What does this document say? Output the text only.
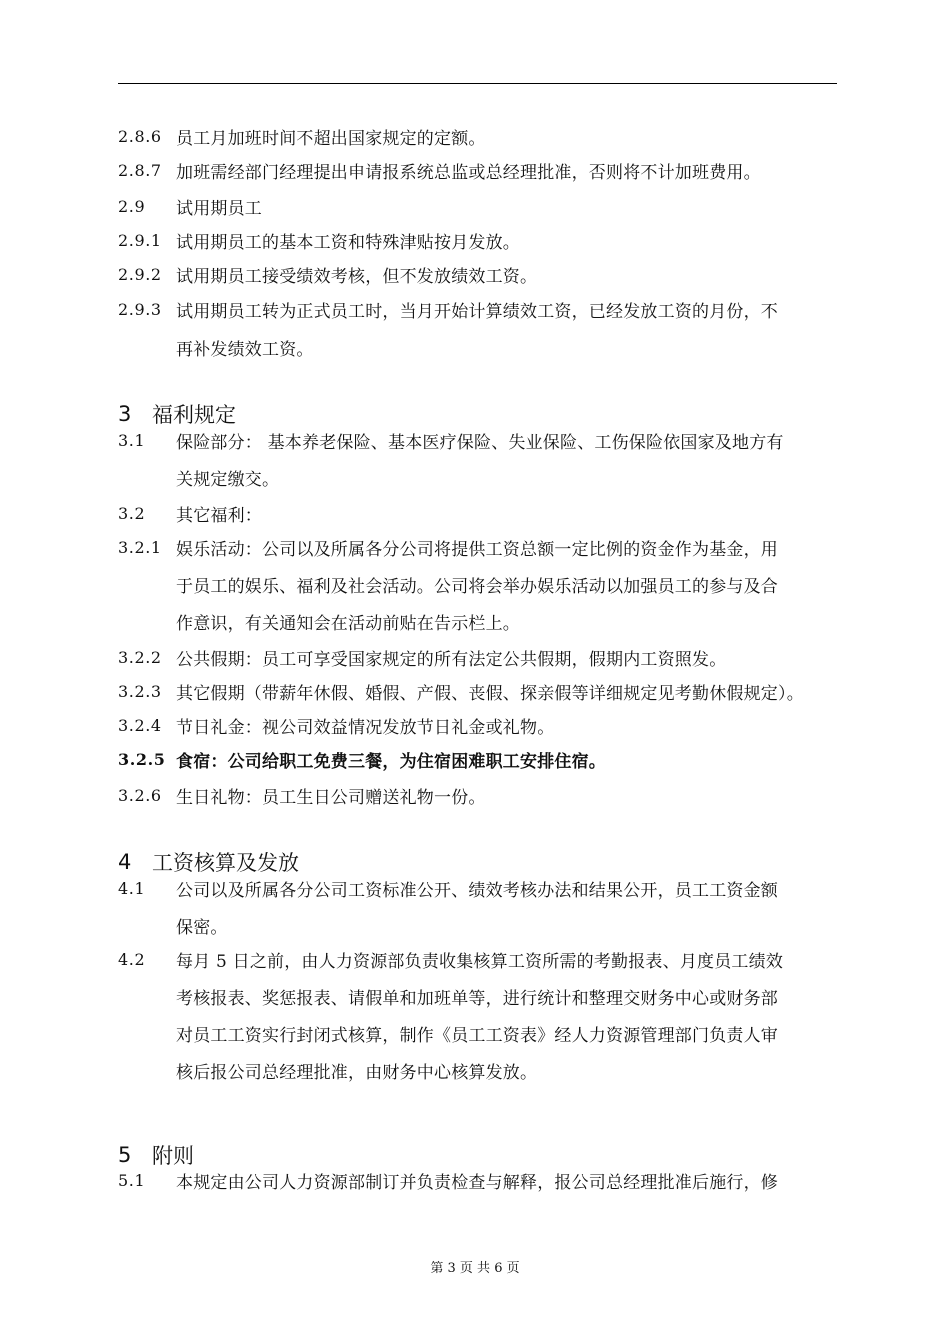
2.8.6 员工月加班时间不超出国家规定的定额。
2.8.7 加班需经部门经理提出申请报系统总监或总经理批准，否则将不计加班费用。
2.9	试用期员工
2.9.1 试用期员工的基本工资和特殊津贴按月发放。
2.9.2 试用期员工接受绩效考核，但不发放绩效工资。
2.9.3 试用期员工转为正式员工时，当月开始计算绩效工资，已经发放工资的月份，不
再补发绩效工资。
3 福利规定
3.1	保险部分： 基本养老保险、基本医疗保险、失业保险、工伤保险依国家及地方有
关规定缴交。
3.2	其它福利：
3.2.1 娱乐活动：公司以及所属各分公司将提供工资总额一定比例的资金作为基金，用
于员工的娱乐、福利及社会活动。公司将会举办娱乐活动以加强员工的参与及合
作意识，有关通知会在活动前贴在告示栏上。
3.2.2 公共假期：员工可享受国家规定的所有法定公共假期，假期内工资照发。
3.2.3 其它假期（带薪年休假、婚假、产假、丧假、探亲假等详细规定见考勤休假规定）。
3.2.4 节日礼金：视公司效益情况发放节日礼金或礼物。
3.2.5 食宿：公司给职工免费三餐，为住宿困难职工安排住宿。
3.2.6 生日礼物：员工生日公司赠送礼物一份。
4 工资核算及发放
4.1	公司以及所属各分公司工资标准公开、绩效考核办法和结果公开，员工工资金额
保密。
4.2	每月 5 日之前，由人力资源部负责收集核算工资所需的考勤报表、月度员工绩效
考核报表、奖惩报表、请假单和加班单等，进行统计和整理交财务中心或财务部
对员工工资实行封闭式核算，制作《员工工资表》经人力资源管理部门负责人审
核后报公司总经理批准，由财务中心核算发放。
5 附则
5.1	本规定由公司人力资源部制订并负责检查与解释，报公司总经理批准后施行，修
第 3 页 共 6 页
